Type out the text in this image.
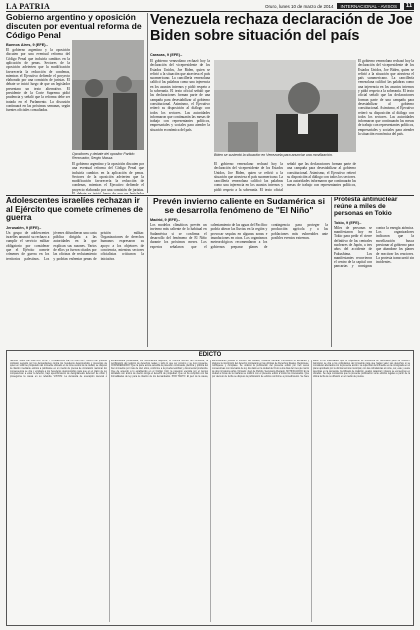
LA PATRIA	Oruro, lunes 10 de marzo de 2014	INTERNACIONAL - AVISOS	11
Gobierno argentino y oposición discuten por eventual reforma de Código Penal
Buenos Aires, 9 (EFE).-
El gobierno argentino y la oposición discuten por una eventual reforma del Código Penal que incluiría cambios en la aplicación de penas. Sectores de la oposición advierten que la modificación favorecería la reducción de condenas, mientras el Ejecutivo defiende el proyecto elaborado por una comisión de juristas. El debate se inició luego de que un legislador presentara un texto alternativo. El presidente de la Corte Suprema pidió prudencia y señaló que la reforma debe ser tratada en el Parlamento. La discusión continuará en las próximas semanas, según fuentes oficiales consultadas.
Opositores y debate del opositor Partido Renovador, Sergio Massa.
El gobierno argentino y la oposición discuten por una eventual reforma del Código Penal que incluiría cambios en la aplicación de penas. Sectores de la oposición advierten que la modificación favorecería la reducción de condenas, mientras el Ejecutivo defiende el proyecto elaborado por una comisión de juristas.
Venezuela rechaza declaración de Joe Biden sobre situación del país
Caracas, 9 (EFE).-
El gobierno venezolano rechazó hoy la declaración del vicepresidente de los Estados Unidos, Joe Biden, quien se refirió a la situación que atraviesa el país suramericano. La cancillería venezolana calificó las palabras como una injerencia en los asuntos internos y pidió respeto a la soberanía. El texto oficial señaló que las declaraciones forman parte de una campaña para desestabilizar al gobierno constitucional. Asimismo, el Ejecutivo reiteró su disposición al diálogo con todos los sectores. Las autoridades informaron que continuarán las mesas de trabajo con representantes políticos, empresariales y sociales para atender la situación económica del país.
El gobierno venezolano rechazó hoy la declaración del vicepresidente de los Estados Unidos, Joe Biden, quien se refirió a la situación que atraviesa el país suramericano. La cancillería venezolana calificó las palabras como una injerencia en los asuntos internos y pidió respeto a la soberanía. El texto oficial señaló que las declaraciones forman parte de una campaña para desestabilizar al gobierno constitucional. Asimismo, el Ejecutivo reiteró su disposición al diálogo con todos los sectores. Las autoridades informaron que continuarán las mesas de trabajo con representantes políticos, empresariales y sociales para atender la situación económica del país.
Biden se sustentó la situación en Venezuela para anunciar una movilización.
El gobierno venezolano rechazó hoy la declaración del vicepresidente de los Estados Unidos, Joe Biden, quien se refirió a la situación que atraviesa el país suramericano. La cancillería venezolana calificó las palabras como una injerencia en los asuntos internos y pidió respeto a la soberanía. El texto oficial señaló que las declaraciones forman parte de una campaña para desestabilizar al gobierno constitucional. Asimismo, el Ejecutivo reiteró su disposición al diálogo con todos los sectores. Las autoridades informaron que continuarán las mesas de trabajo con representantes políticos,
Adolescentes israelíes rechazan ir al Ejército que comete crímenes de guerra
Jerusalén, 9 (EFE).-
Un grupo de adolescentes israelíes anunció su rechazo a cumplir el servicio militar obligatorio por considerar que el Ejército comete crímenes de guerra en los territorios palestinos. Los jóvenes difundieron una carta pública dirigida a las autoridades en la que explican sus razones. Varios de ellos ya fueron citados por las oficinas de reclutamiento y podrían enfrentar penas de prisión militar. Organizaciones de derechos humanos expresaron su apoyo a los objetores de conciencia, mientras sectores oficialistas criticaron la iniciativa.
Prevén invierno caliente en Sudamérica si se desarrolla fenómeno de "El Niño"
Madrid, 9 (EFE).-
Los modelos climáticos prevén un invierno más caliente de lo habitual en Sudamérica si se confirma el desarrollo del fenómeno de El Niño durante los próximos meses. Los expertos señalaron que el calentamiento de las aguas del Pacífico podría alterar las lluvias en la región y provocar sequías en algunas zonas e inundaciones en otras. Los organismos meteorológicos recomendaron a los gobiernos preparar planes de contingencia para proteger la producción agrícola y a las poblaciones más vulnerables ante posibles eventos extremos.
Protesta antinuclear reúne a miles de personas en Tokio
Tokio, 9 (EFE).-
Miles de personas se manifestaron hoy en Tokio para pedir el cierre definitivo de las centrales nucleares de Japón, a tres años del accidente de Fukushima. Los manifestantes recorrieron el centro de la capital con pancartas y consignas contra la energía atómica. Los organizadores indicaron que la movilización busca presionar al gobierno para que abandone los planes de reactivar los reactores. La protesta transcurrió sin incidentes.
EDICTO
SENOR JUEZ DE PARTIDO CIVIL Y COMERCIAL DE LA CAPITAL.- Dentro del proceso ordinario seguido por los demandantes contra los herederos desconocidos y presuntos de quien en vida fue propietario del inmueble ubicado en la zona central de la ciudad, se dispuso la citación mediante edictos a publicarse en un medio de prensa de circulación nacional. En consecuencia se cita y emplaza a los herederos desconocidos para que en el plazo de ley comparezcan a estar a derecho, bajo apercibimiento de designárseles defensor de oficio y proseguirse la causa en su rebeldía. VISTOS: La demanda de usucapión decenal o extraordinaria presentada, los documentos adjuntos, el informe técnico del inmueble, la certificación del registro de derechos reales y todo lo que ver convino y se tuvo presente. CONSIDERANDO: Que la parte actora acredita la posesión continuada, pacífica y pública del bien inmueble por más de diez años, conforme a la prueba testifical y documental producida. Que de acuerdo a lo establecido en el Código Civil, la posesión ejercida por el tiempo señalado con ánimo de dueño otorga el derecho de propiedad. Que se ha cumplido con las formalidades de ley para la citación de los demandados. POR TANTO: El juez de la causa, administrando justicia a nombre del Estado, resuelve declarar PROBADA la demanda y dispone la inscripción del derecho propietario en las oficinas de Derechos Reales. Regístrese, notifíquese y cúmplase. Se ordena la publicación del presente edicto por tres veces consecutivas con intervalos de ley. Es dado en la ciudad de Oruro a los días del mes de marzo de dos mil catorce años. Firmado: Juez de Partido, Secretario Abogado. NOTIFICACIÓN: En la ciudad a horas de la mañana se notificó con el presente edicto a todos los interesados. Que por decreto de fecha se dispuso la publicación de edictos conforme a procedimiento. Se hace saber a los interesados que el expediente se encuentra en secretaría para su revisión. Asimismo se cita a los colindantes del inmueble para que hagan valer sus derechos si se consideran afectados con la presente acción. La superficie del inmueble es la consignada en el plano aprobado por la oficina técnica municipal, con las colindancias al norte, sur, este y oeste descritas en la demanda. Certificado de tradición, avalúo catastral y planos se encuentran en obrados. Se deja constancia que la presente publicación surte efectos legales a partir de la última fecha de su difusión en el medio de prensa.
